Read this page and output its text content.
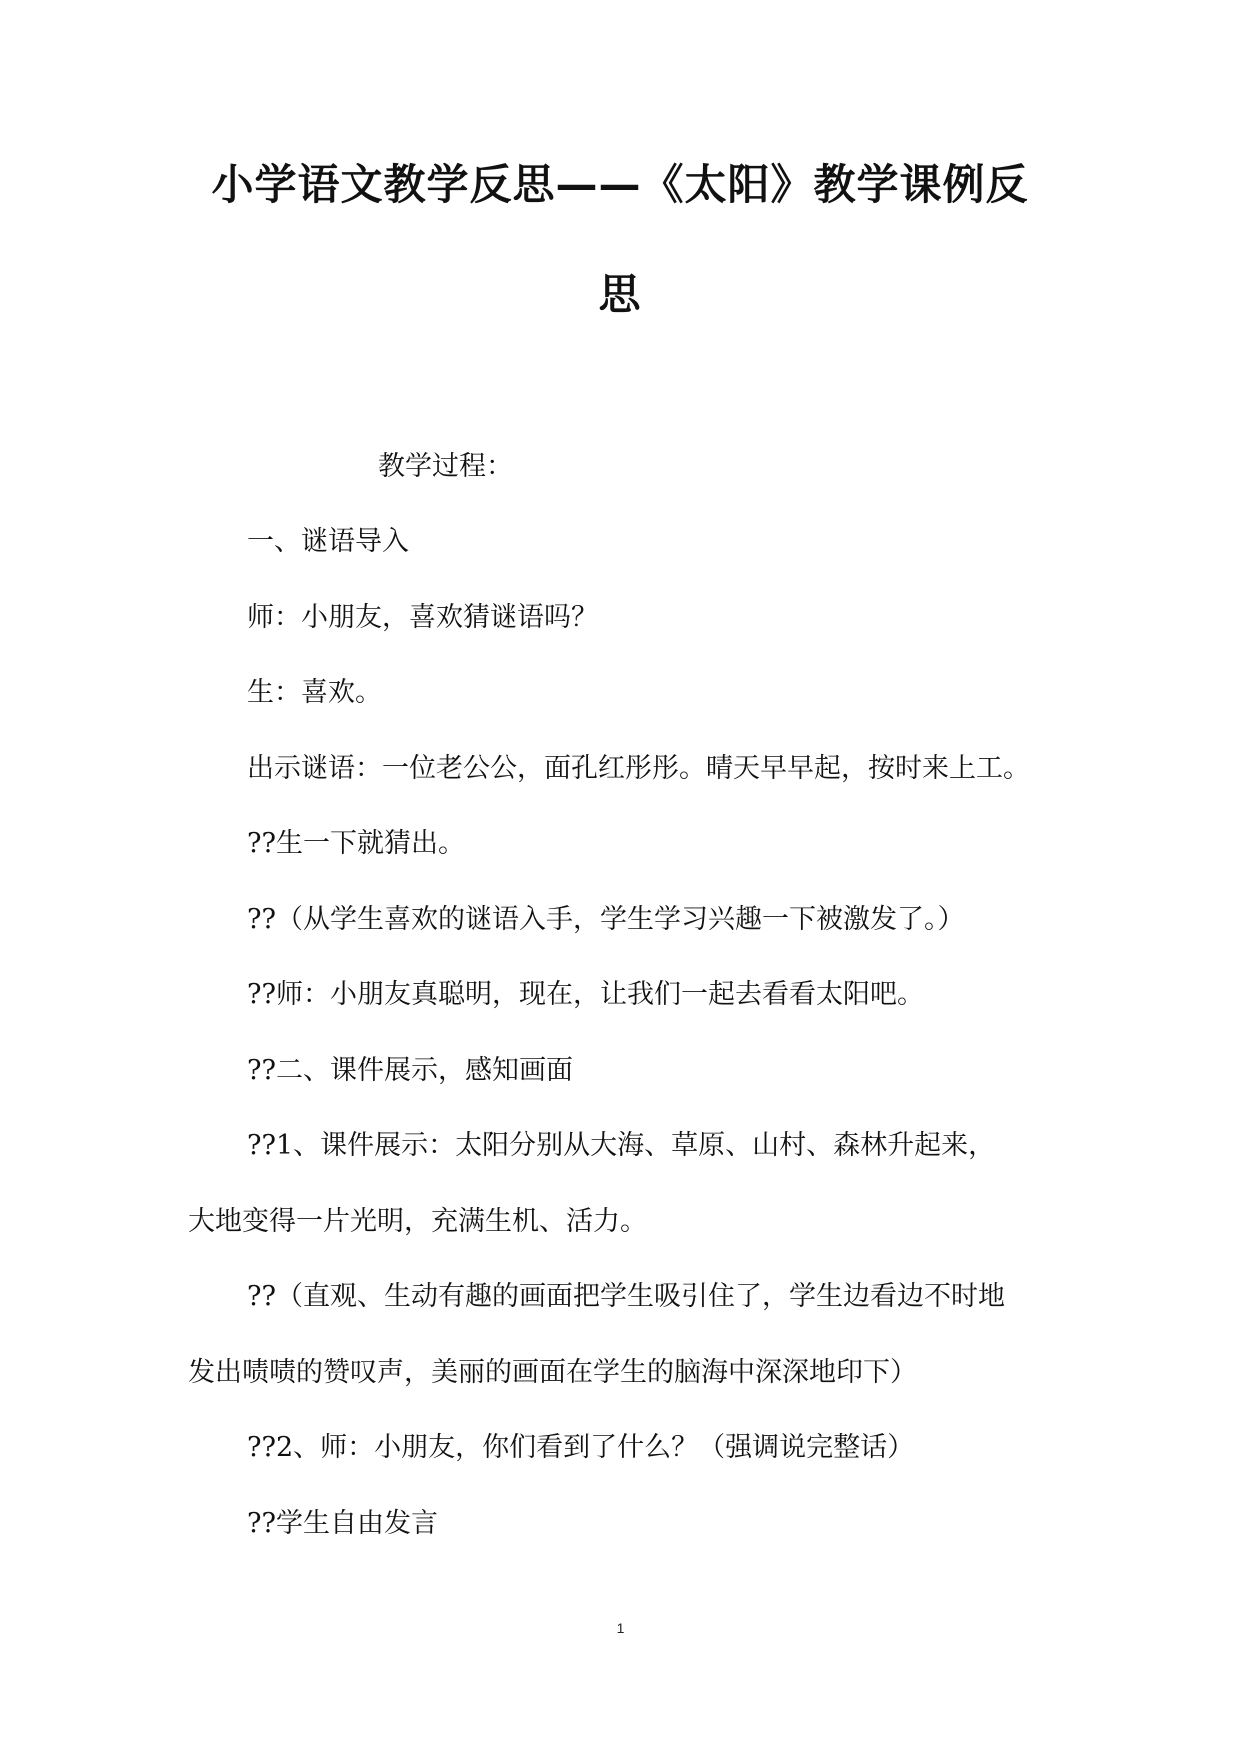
小学语文教学反思——《太阳》教学课例反
思
教学过程：
一、谜语导入
师：小朋友，喜欢猜谜语吗？
生：喜欢。
出示谜语：一位老公公，面孔红彤彤。晴天早早起，按时来上工。
??生一下就猜出。
??（从学生喜欢的谜语入手，学生学习兴趣一下被激发了。）
??师：小朋友真聪明，现在，让我们一起去看看太阳吧。
??二、课件展示，感知画面
??1、课件展示：太阳分别从大海、草原、山村、森林升起来，
大地变得一片光明，充满生机、活力。
??（直观、生动有趣的画面把学生吸引住了，学生边看边不时地
发出啧啧的赞叹声，美丽的画面在学生的脑海中深深地印下）
??2、师：小朋友，你们看到了什么？（强调说完整话）
??学生自由发言
1
